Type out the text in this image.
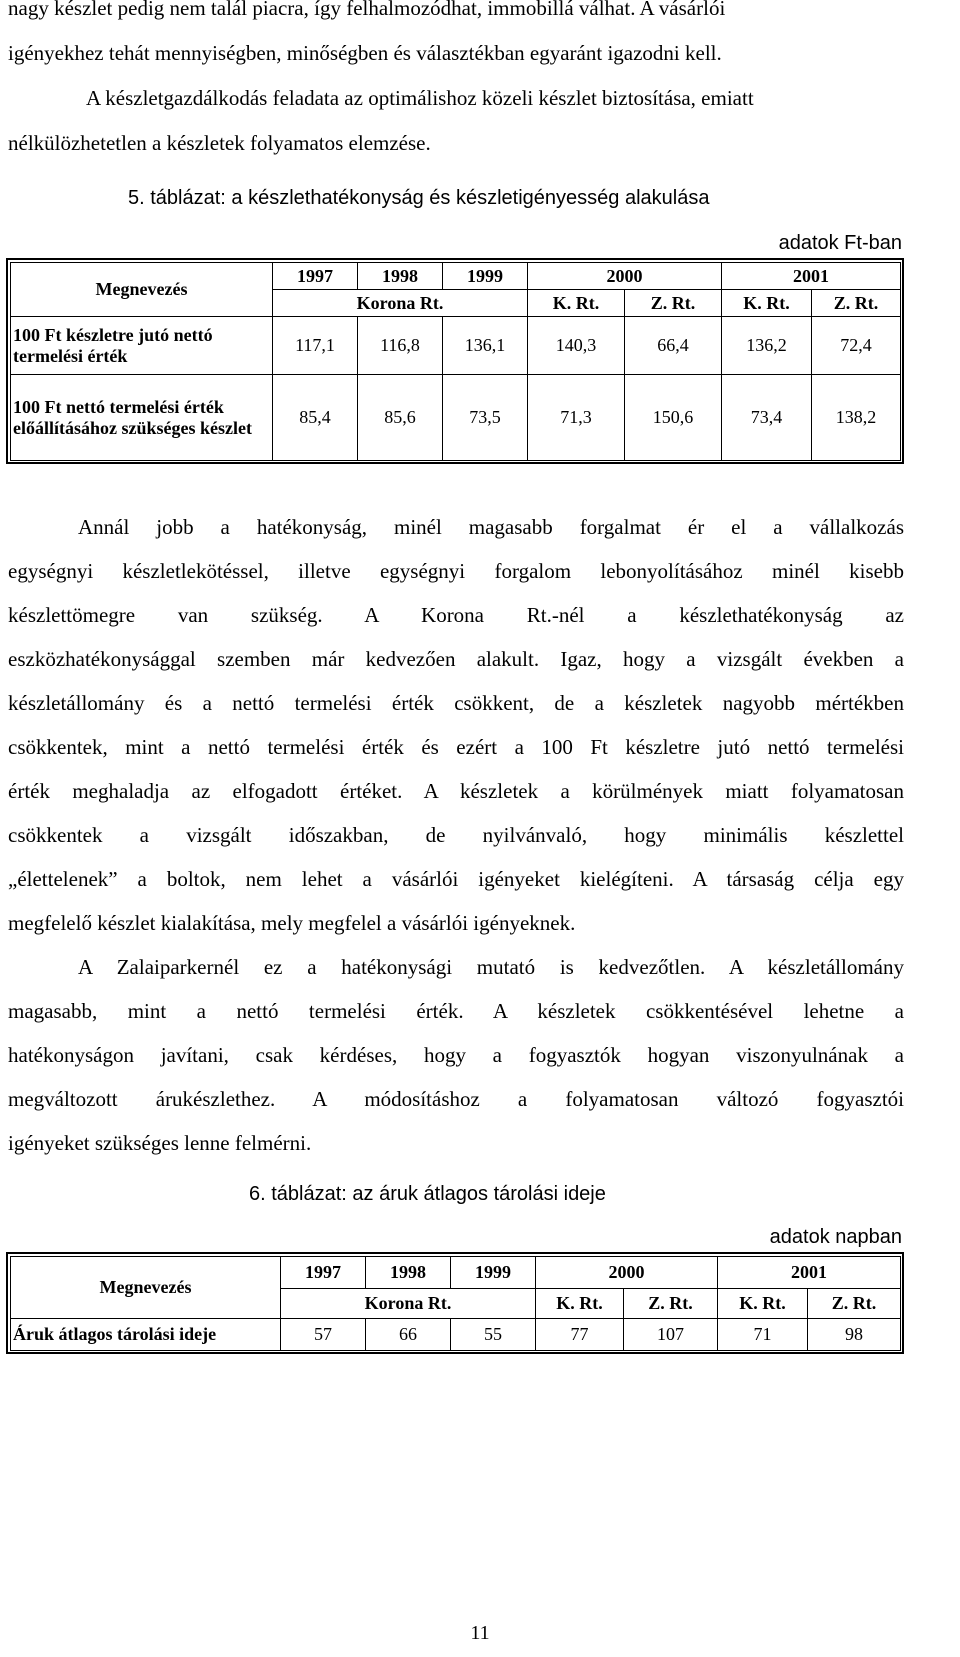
nagy készlet pedig nem talál piacra, így felhalmozódhat, immobillá válhat. A vásárlói
igényekhez tehát mennyiségben, minőségben és választékban egyaránt igazodni kell.
A készletgazdálkodás feladata az optimálishoz közeli készlet biztosítása, emiatt
nélkülözhetetlen a készletek folyamatos elemzése.
5. táblázat: a készlethatékonyság és készletigényesség alakulása
adatok Ft-ban
Megnevezés	1997	1998	1999	2000		2001	
	Korona Rt.			K. Rt.	Z. Rt.	K. Rt.	Z. Rt.
100 Ft készletre jutó nettó termelési érték	117,1	116,8	136,1	140,3	66,4	136,2	72,4
100 Ft nettó termelési érték előállításához szükséges készlet	85,4	85,6	73,5	71,3	150,6	73,4	138,2
Annál jobb a hatékonyság, minél magasabb forgalmat ér el a vállalkozás
egységnyi készletlekötéssel, illetve egységnyi forgalom lebonyolításához minél kisebb
készlettömegre van szükség. A Korona Rt.-nél a készlethatékonyság az
eszközhatékonysággal szemben már kedvezően alakult. Igaz, hogy a vizsgált években a
készletállomány és a nettó termelési érték csökkent, de a készletek nagyobb mértékben
csökkentek, mint a nettó termelési érték és ezért a 100 Ft készletre jutó nettó termelési
érték meghaladja az elfogadott értéket. A készletek a körülmények miatt folyamatosan
csökkentek a vizsgált időszakban, de nyilvánvaló, hogy minimális készlettel
„élettelenek” a boltok, nem lehet a vásárlói igényeket kielégíteni. A társaság célja egy
megfelelő készlet kialakítása, mely megfelel a vásárlói igényeknek.
A Zalaiparkernél ez a hatékonysági mutató is kedvezőtlen. A készletállomány
magasabb, mint a nettó termelési érték. A készletek csökkentésével lehetne a
hatékonyságon javítani, csak kérdéses, hogy a fogyasztók hogyan viszonyulnának a
megváltozott árukészlethez. A módosításhoz a folyamatosan változó fogyasztói
igényeket szükséges lenne felmérni.
6. táblázat: az áruk átlagos tárolási ideje
adatok napban
Megnevezés	1997	1998	1999	2000		2001	
	Korona Rt.			K. Rt.	Z. Rt.	K. Rt.	Z. Rt.
Áruk átlagos tárolási ideje	57	66	55	77	107	71	98
11
